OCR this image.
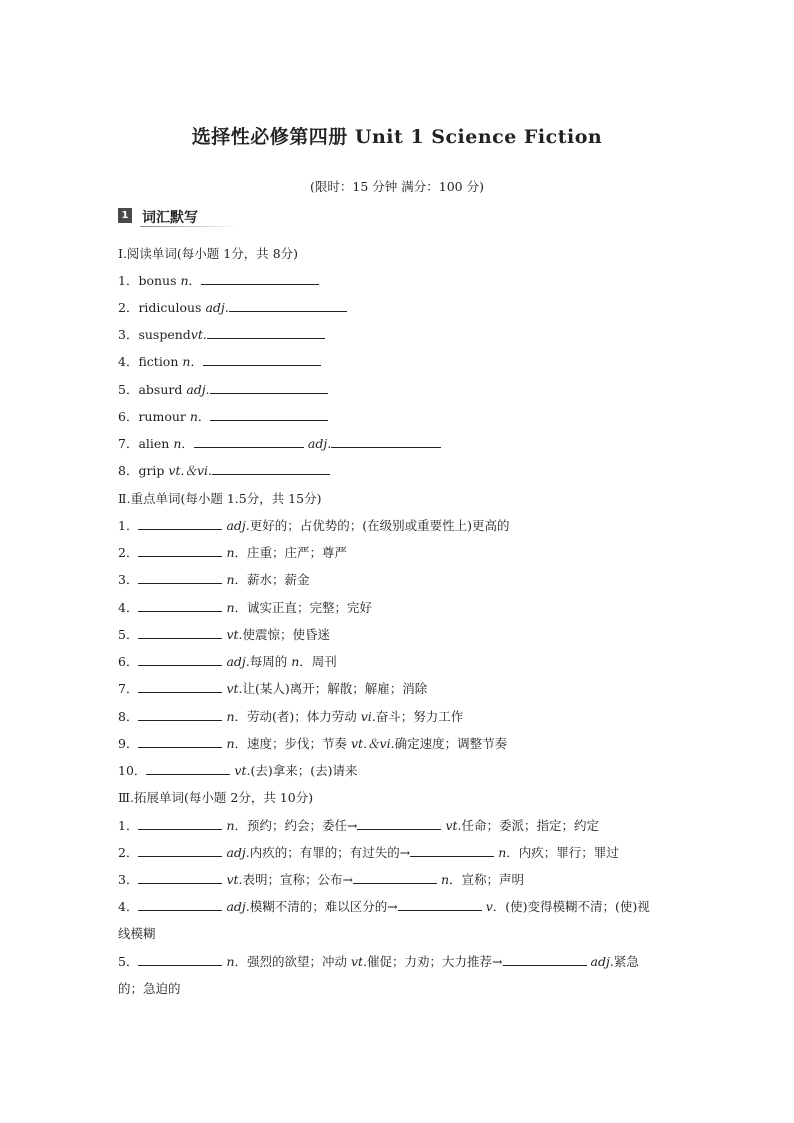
选择性必修第四册 Unit 1 Science Fiction
(限时：15 分钟 满分：100 分)
1 词汇默写
Ⅰ.阅读单词(每小题 1分，共 8分)
1．bonus n．
2．ridiculous adj.
3．suspendvt.
4．fiction n．
5．absurd adj.
6．rumour n．
7．alien n．	adj.
8．grip vt.＆vi.
Ⅱ.重点单词(每小题 1.5分，共 15分)
1．	adj.更好的；占优势的；(在级别或重要性上)更高的
2．	n．庄重；庄严；尊严
3．	n．薪水；薪金
4．	n．诚实正直；完整；完好
5．	vt.使震惊；使昏迷
6．	adj.每周的 n．周刊
7．	vt.让(某人)离开；解散；解雇；消除
8．	n．劳动(者)；体力劳动 vi.奋斗；努力工作
9．	n．速度；步伐；节奏 vt.＆vi.确定速度；调整节奏
10．	vt.(去)拿来；(去)请来
Ⅲ.拓展单词(每小题 2分，共 10分)
1．	n．预约；约会；委任→	vt.任命；委派；指定；约定
2．	adj.内疚的；有罪的；有过失的→	n．内疚；罪行；罪过
3．	vt.表明；宣称；公布→	n．宣称；声明
4．	adj.模糊不清的；难以区分的→	v．(使)变得模糊不清；(使)视
线模糊
5．	n．强烈的欲望；冲动 vt.催促；力劝；大力推荐→	adj.紧急
的；急迫的
